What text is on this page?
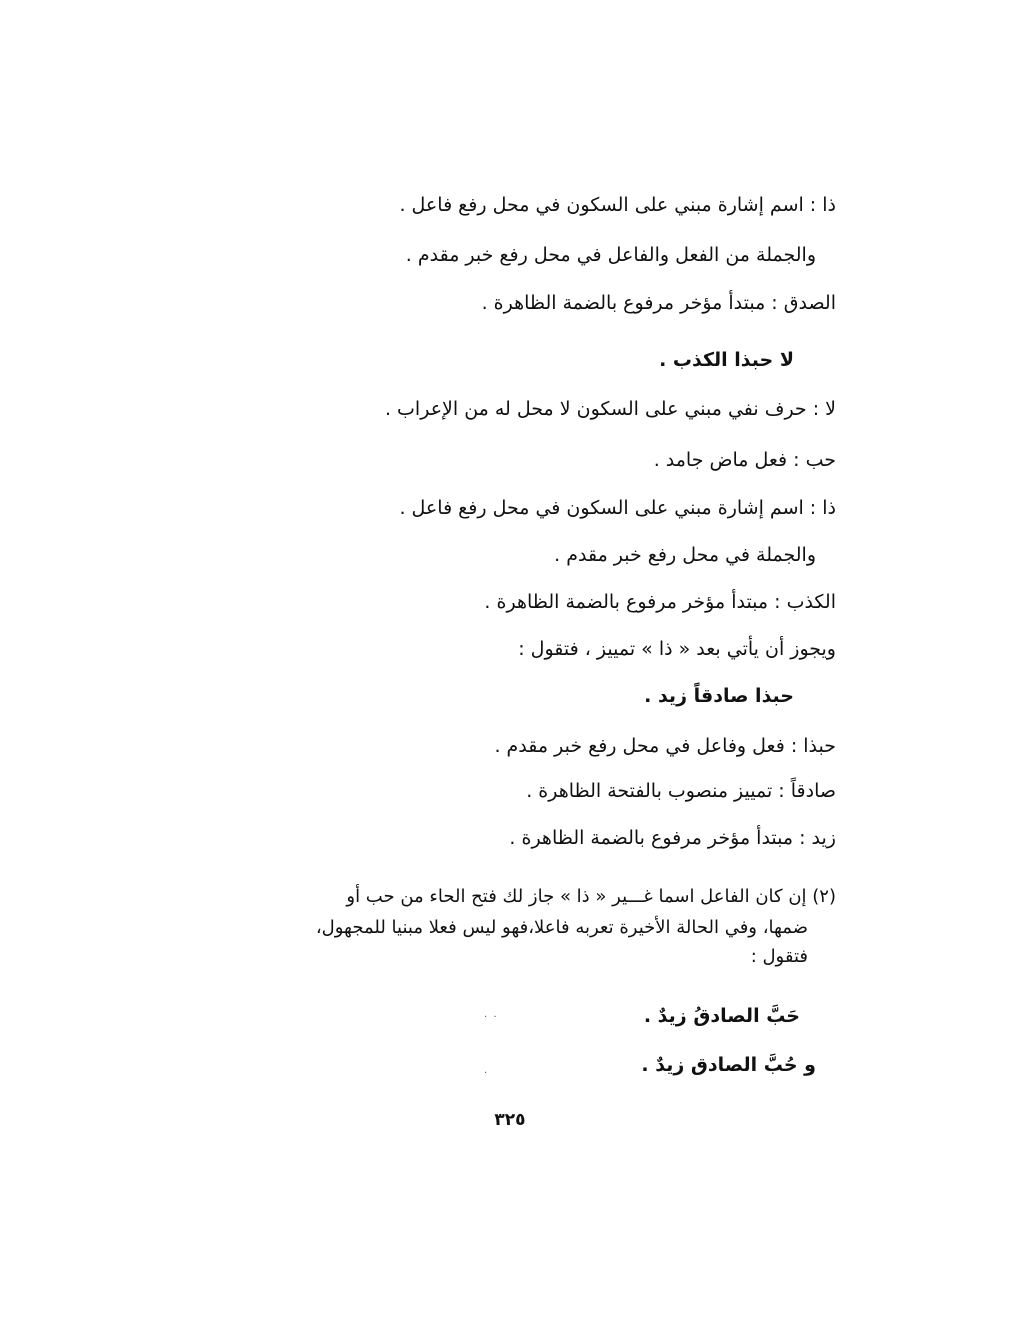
ذا : اسم إشارة مبني على السكون في محل رفع فاعل .
والجملة من الفعل والفاعل في محل رفع خبر مقدم .
الصدق : مبتدأ مؤخر مرفوع بالضمة الظاهرة .
لا حبذا الكذب .
لا : حرف نفي مبني على السكون لا محل له من الإعراب .
حب : فعل ماض جامد .
ذا : اسم إشارة مبني على السكون في محل رفع فاعل .
والجملة في محل رفع خبر مقدم .
الكذب : مبتدأ مؤخر مرفوع بالضمة الظاهرة .
ويجوز أن يأتي بعد « ذا » تمييز ، فتقول :
حبذا صادقاً زيد .
حبذا : فعل وفاعل في محل رفع خبر مقدم .
صادقاً : تمييز منصوب بالفتحة الظاهرة .
زيد : مبتدأ مؤخر مرفوع بالضمة الظاهرة .
(٢) إن كان الفاعل اسما غـــير « ذا » جاز لك فتح الحاء من حب أو
ضمها، وفي الحالة الأخيرة تعربه فاعلا،فهو ليس فعلا مبنيا للمجهول،
فتقول :
حَبَّ الصادقُ زيدٌ .
و حُبَّ الصادق زيدٌ .
·  ·
·
٣٢٥
